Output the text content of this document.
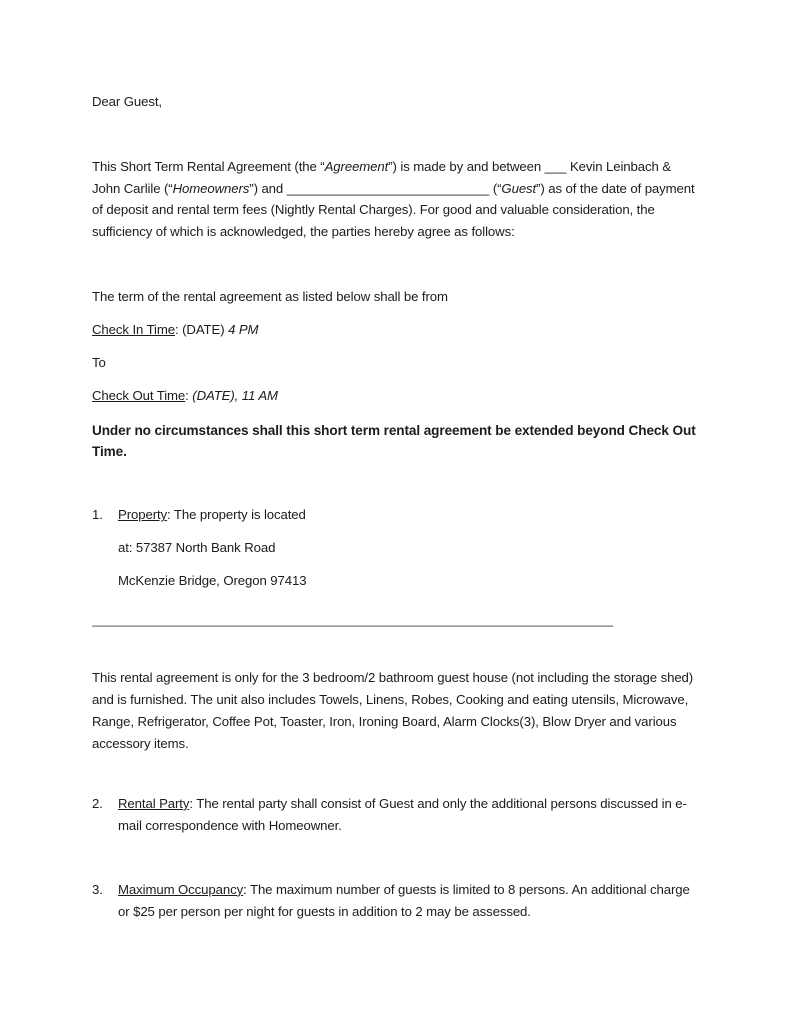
Dear Guest,

This Short Term Rental Agreement (the “Agreement”) is made by and between ___ Kevin Leinbach & John Carlile (“Homeowners”) and ____________________________ (“Guest”) as of the date of payment of deposit and rental term fees (Nightly Rental Charges). For good and valuable consideration, the sufficiency of which is acknowledged, the parties hereby agree as follows:

The term of the rental agreement as listed below shall be from

Check In Time: (DATE) 4 PM

To

Check Out Time: (DATE), 11 AM

Under no circumstances shall this short term rental agreement be extended beyond Check Out Time.

1.	Property: The property is located

at: 57387 North Bank Road

McKenzie Bridge, Oregon 97413

________________________________________________________________________

This rental agreement is only for the 3 bedroom/2 bathroom guest house (not including the storage shed) and is furnished. The unit also includes Towels, Linens, Robes, Cooking and eating utensils, Microwave, Range, Refrigerator, Coffee Pot, Toaster, Iron, Ironing Board, Alarm Clocks(3), Blow Dryer and various accessory items.

2.	Rental Party: The rental party shall consist of Guest and only the additional persons discussed in e-mail correspondence with Homeowner.

3.	Maximum Occupancy: The maximum number of guests is limited to 8 persons. An additional charge or $25 per person per night for guests in addition to 2 may be assessed.
